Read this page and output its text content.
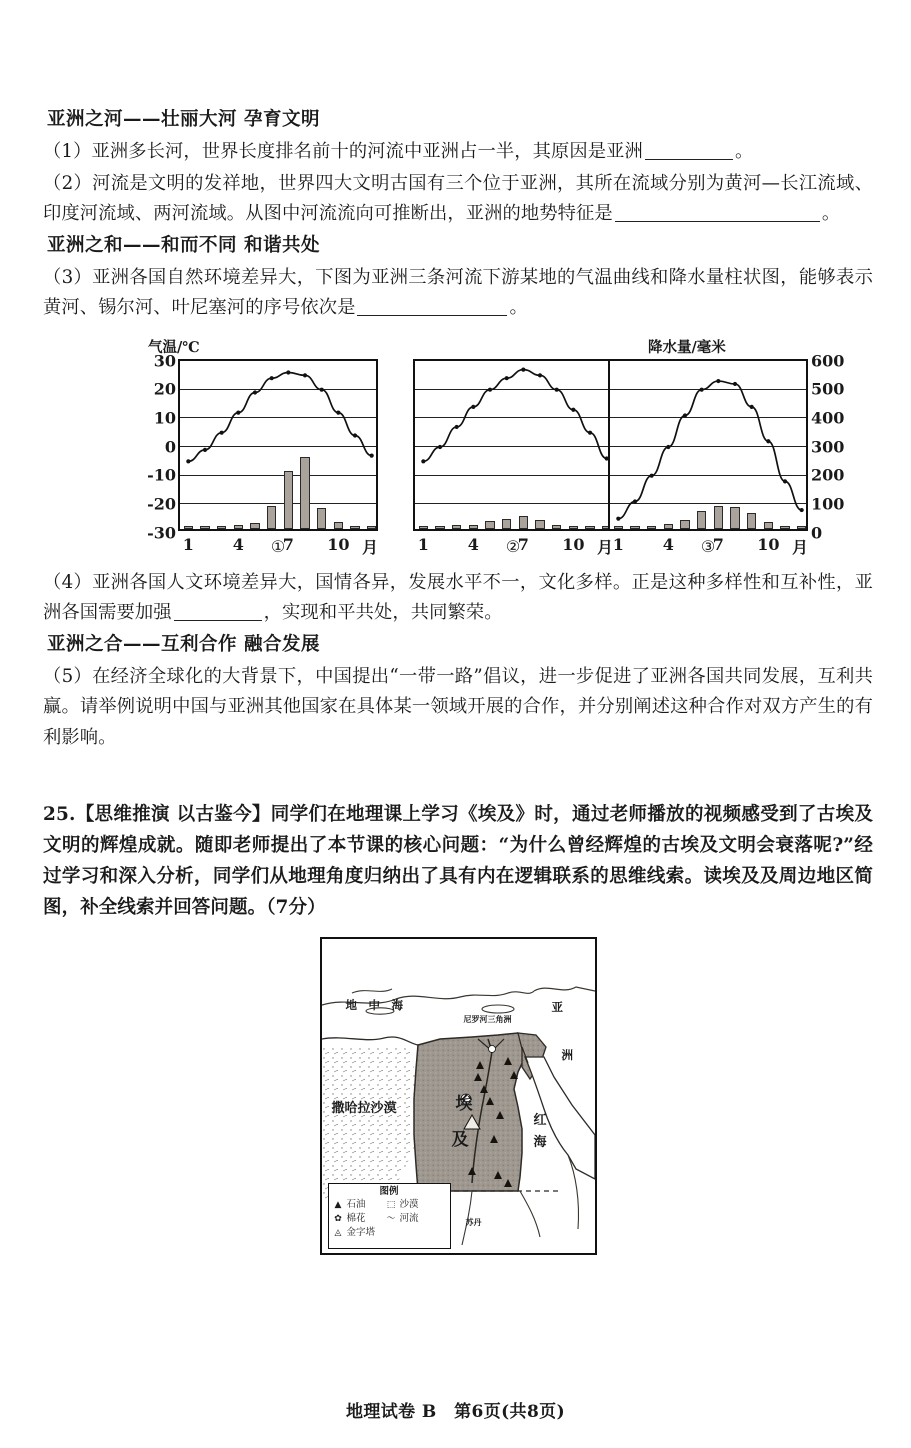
亚洲之河——壮丽大河 孕育文明

（1）亚洲多长河，世界长度排名前十的河流中亚洲占一半，其原因是亚洲	。

（2）河流是文明的发祥地，世界四大文明古国有三个位于亚洲，其所在流域分别为黄河—长江流域、印度河流域、两河流域。从图中河流流向可推断出，亚洲的地势特征是	。

亚洲之和——和而不同 和谐共处

（3）亚洲各国自然环境差异大，下图为亚洲三条河流下游某地的气温曲线和降水量柱状图，能够表示黄河、锡尔河、叶尼塞河的序号依次是	。

气温/℃	降水量/毫米
30
20
10
0
-10
-20
-30
1 4 7 10 月
①	1 4 7 10 月
②
600
500
400
300
200
100
0
1 4 7 10 月
③

（4）亚洲各国人文环境差异大，国情各异，发展水平不一，文化多样。正是这种多样性和互补性，亚洲各国需要加强	，实现和平共处，共同繁荣。

亚洲之合——互利合作 融合发展

（5）在经济全球化的大背景下，中国提出“一带一路”倡议，进一步促进了亚洲各国共同发展，互利共赢。请举例说明中国与亚洲其他国家在具体某一领域开展的合作，并分别阐述这种合作对双方产生的有利影响。

25.【思维推演 以古鉴今】同学们在地理课上学习《埃及》时，通过老师播放的视频感受到了古埃及文明的辉煌成就。随即老师提出了本节课的核心问题：“为什么曾经辉煌的古埃及文明会衰落呢?”经过学习和深入分析，同学们从地理角度归纳出了具有内在逻辑联系的思维线索。读埃及及周边地区简图，补全线索并回答问题。（7分）

地　中　海
尼罗河三角洲
亚
洲
撒哈拉沙漠	埃
及
红
海
苏丹
图例
▲ 石油	⬚ 沙漠
✿ 棉花	〜 河流
◬ 金字塔
地理试卷 B　第6页(共8页)
